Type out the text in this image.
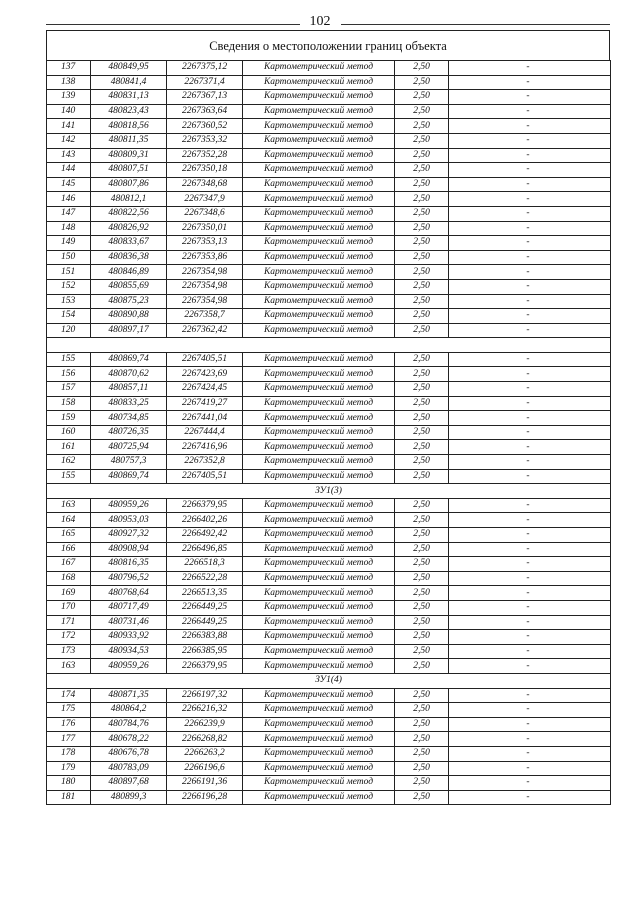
102
Сведения о местоположении границ объекта
137	480849,95	2267375,12	Картометрический метод	2,50	-
138	480841,4	2267371,4	Картометрический метод	2,50	-
139	480831,13	2267367,13	Картометрический метод	2,50	-
140	480823,43	2267363,64	Картометрический метод	2,50	-
141	480818,56	2267360,52	Картометрический метод	2,50	-
142	480811,35	2267353,32	Картометрический метод	2,50	-
143	480809,31	2267352,28	Картометрический метод	2,50	-
144	480807,51	2267350,18	Картометрический метод	2,50	-
145	480807,86	2267348,68	Картометрический метод	2,50	-
146	480812,1	2267347,9	Картометрический метод	2,50	-
147	480822,56	2267348,6	Картометрический метод	2,50	-
148	480826,92	2267350,01	Картометрический метод	2,50	-
149	480833,67	2267353,13	Картометрический метод	2,50	-
150	480836,38	2267353,86	Картометрический метод	2,50	-
151	480846,89	2267354,98	Картометрический метод	2,50	-
152	480855,69	2267354,98	Картометрический метод	2,50	-
153	480875,23	2267354,98	Картометрический метод	2,50	-
154	480890,88	2267358,7	Картометрический метод	2,50	-
120	480897,17	2267362,42	Картометрический метод	2,50	-

155	480869,74	2267405,51	Картометрический метод	2,50	-
156	480870,62	2267423,69	Картометрический метод	2,50	-
157	480857,11	2267424,45	Картометрический метод	2,50	-
158	480833,25	2267419,27	Картометрический метод	2,50	-
159	480734,85	2267441,04	Картометрический метод	2,50	-
160	480726,35	2267444,4	Картометрический метод	2,50	-
161	480725,94	2267416,96	Картометрический метод	2,50	-
162	480757,3	2267352,8	Картометрический метод	2,50	-
155	480869,74	2267405,51	Картометрический метод	2,50	-
ЗУ1(3)					
163	480959,26	2266379,95	Картометрический метод	2,50	-
164	480953,03	2266402,26	Картометрический метод	2,50	-
165	480927,32	2266492,42	Картометрический метод	2,50	-
166	480908,94	2266496,85	Картометрический метод	2,50	-
167	480816,35	2266518,3	Картометрический метод	2,50	-
168	480796,52	2266522,28	Картометрический метод	2,50	-
169	480768,64	2266513,35	Картометрический метод	2,50	-
170	480717,49	2266449,25	Картометрический метод	2,50	-
171	480731,46	2266449,25	Картометрический метод	2,50	-
172	480933,92	2266383,88	Картометрический метод	2,50	-
173	480934,53	2266385,95	Картометрический метод	2,50	-
163	480959,26	2266379,95	Картометрический метод	2,50	-
ЗУ1(4)					
174	480871,35	2266197,32	Картометрический метод	2,50	-
175	480864,2	2266216,32	Картометрический метод	2,50	-
176	480784,76	2266239,9	Картометрический метод	2,50	-
177	480678,22	2266268,82	Картометрический метод	2,50	-
178	480676,78	2266263,2	Картометрический метод	2,50	-
179	480783,09	2266196,6	Картометрический метод	2,50	-
180	480897,68	2266191,36	Картометрический метод	2,50	-
181	480899,3	2266196,28	Картометрический метод	2,50	-
